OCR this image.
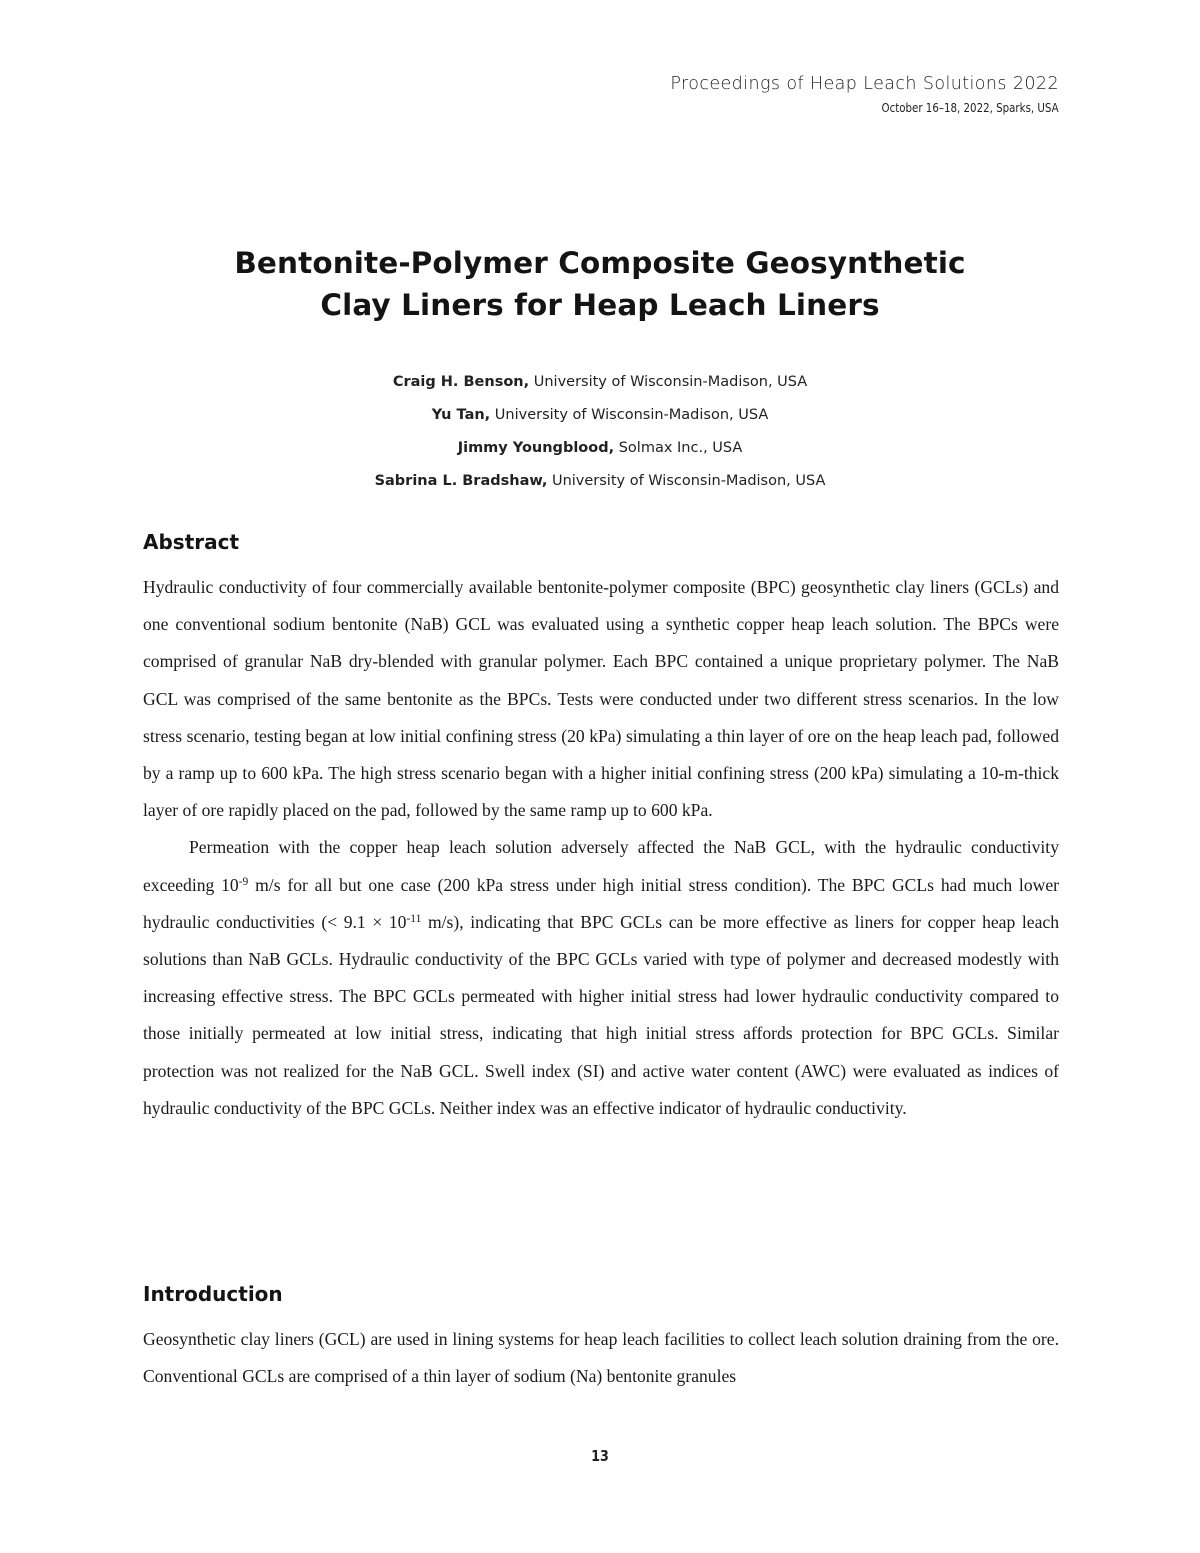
Proceedings of Heap Leach Solutions 2022
October 16–18, 2022, Sparks, USA
Bentonite-Polymer Composite Geosynthetic
Clay Liners for Heap Leach Liners
Craig H. Benson, University of Wisconsin-Madison, USA
Yu Tan, University of Wisconsin-Madison, USA
Jimmy Youngblood, Solmax Inc., USA
Sabrina L. Bradshaw, University of Wisconsin-Madison, USA
Abstract

Hydraulic conductivity of four commercially available bentonite-polymer composite (BPC) geosynthetic clay liners (GCLs) and one conventional sodium bentonite (NaB) GCL was evaluated using a synthetic copper heap leach solution. The BPCs were comprised of granular NaB dry-blended with granular polymer. Each BPC contained a unique proprietary polymer. The NaB GCL was comprised of the same bentonite as the BPCs. Tests were conducted under two different stress scenarios. In the low stress scenario, testing began at low initial confining stress (20 kPa) simulating a thin layer of ore on the heap leach pad, followed by a ramp up to 600 kPa. The high stress scenario began with a higher initial confining stress (200 kPa) simulating a 10-m-thick layer of ore rapidly placed on the pad, followed by the same ramp up to 600 kPa.

Permeation with the copper heap leach solution adversely affected the NaB GCL, with the hydraulic conductivity exceeding $10^{-9}$ m/s for all but one case (200 kPa stress under high initial stress condition). The BPC GCLs had much lower hydraulic conductivities (< $9.1 \times 10^{-11}$ m/s), indicating that BPC GCLs can be more effective as liners for copper heap leach solutions than NaB GCLs. Hydraulic conductivity of the BPC GCLs varied with type of polymer and decreased modestly with increasing effective stress. The BPC GCLs permeated with higher initial stress had lower hydraulic conductivity compared to those initially permeated at low initial stress, indicating that high initial stress affords protection for BPC GCLs. Similar protection was not realized for the NaB GCL. Swell index (SI) and active water content (AWC) were evaluated as indices of hydraulic conductivity of the BPC GCLs. Neither index was an effective indicator of hydraulic conductivity.

Introduction

Geosynthetic clay liners (GCL) are used in lining systems for heap leach facilities to collect leach solution draining from the ore. Conventional GCLs are comprised of a thin layer of sodium (Na) bentonite granules

13
